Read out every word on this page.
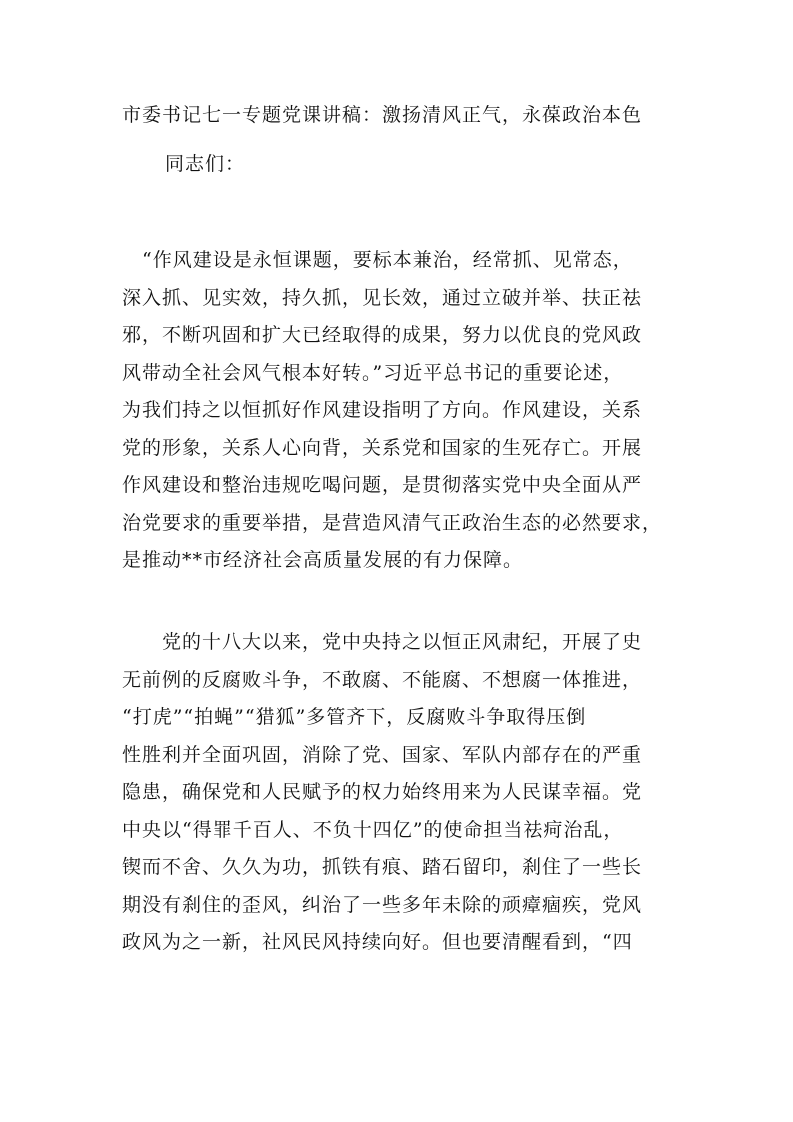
市委书记七一专题党课讲稿：激扬清风正气，永葆政治本色
同志们：
　“作风建设是永恒课题，要标本兼治，经常抓、见常态，
深入抓、见实效，持久抓，见长效，通过立破并举、扶正祛
邪，不断巩固和扩大已经取得的成果，努力以优良的党风政
风带动全社会风气根本好转。”习近平总书记的重要论述，
为我们持之以恒抓好作风建设指明了方向。作风建设，关系
党的形象，关系人心向背，关系党和国家的生死存亡。开展
作风建设和整治违规吃喝问题，是贯彻落实党中央全面从严
治党要求的重要举措，是营造风清气正政治生态的必然要求，
是推动**市经济社会高质量发展的有力保障。
　　党的十八大以来，党中央持之以恒正风肃纪，开展了史
无前例的反腐败斗争，不敢腐、不能腐、不想腐一体推进，
“打虎”“拍蝇”“猎狐”多管齐下，反腐败斗争取得压倒
性胜利并全面巩固，消除了党、国家、军队内部存在的严重
隐患，确保党和人民赋予的权力始终用来为人民谋幸福。党
中央以“得罪千百人、不负十四亿”的使命担当祛疴治乱，
锲而不舍、久久为功，抓铁有痕、踏石留印，刹住了一些长
期没有刹住的歪风，纠治了一些多年未除的顽瘴痼疾，党风
政风为之一新，社风民风持续向好。但也要清醒看到，“四
